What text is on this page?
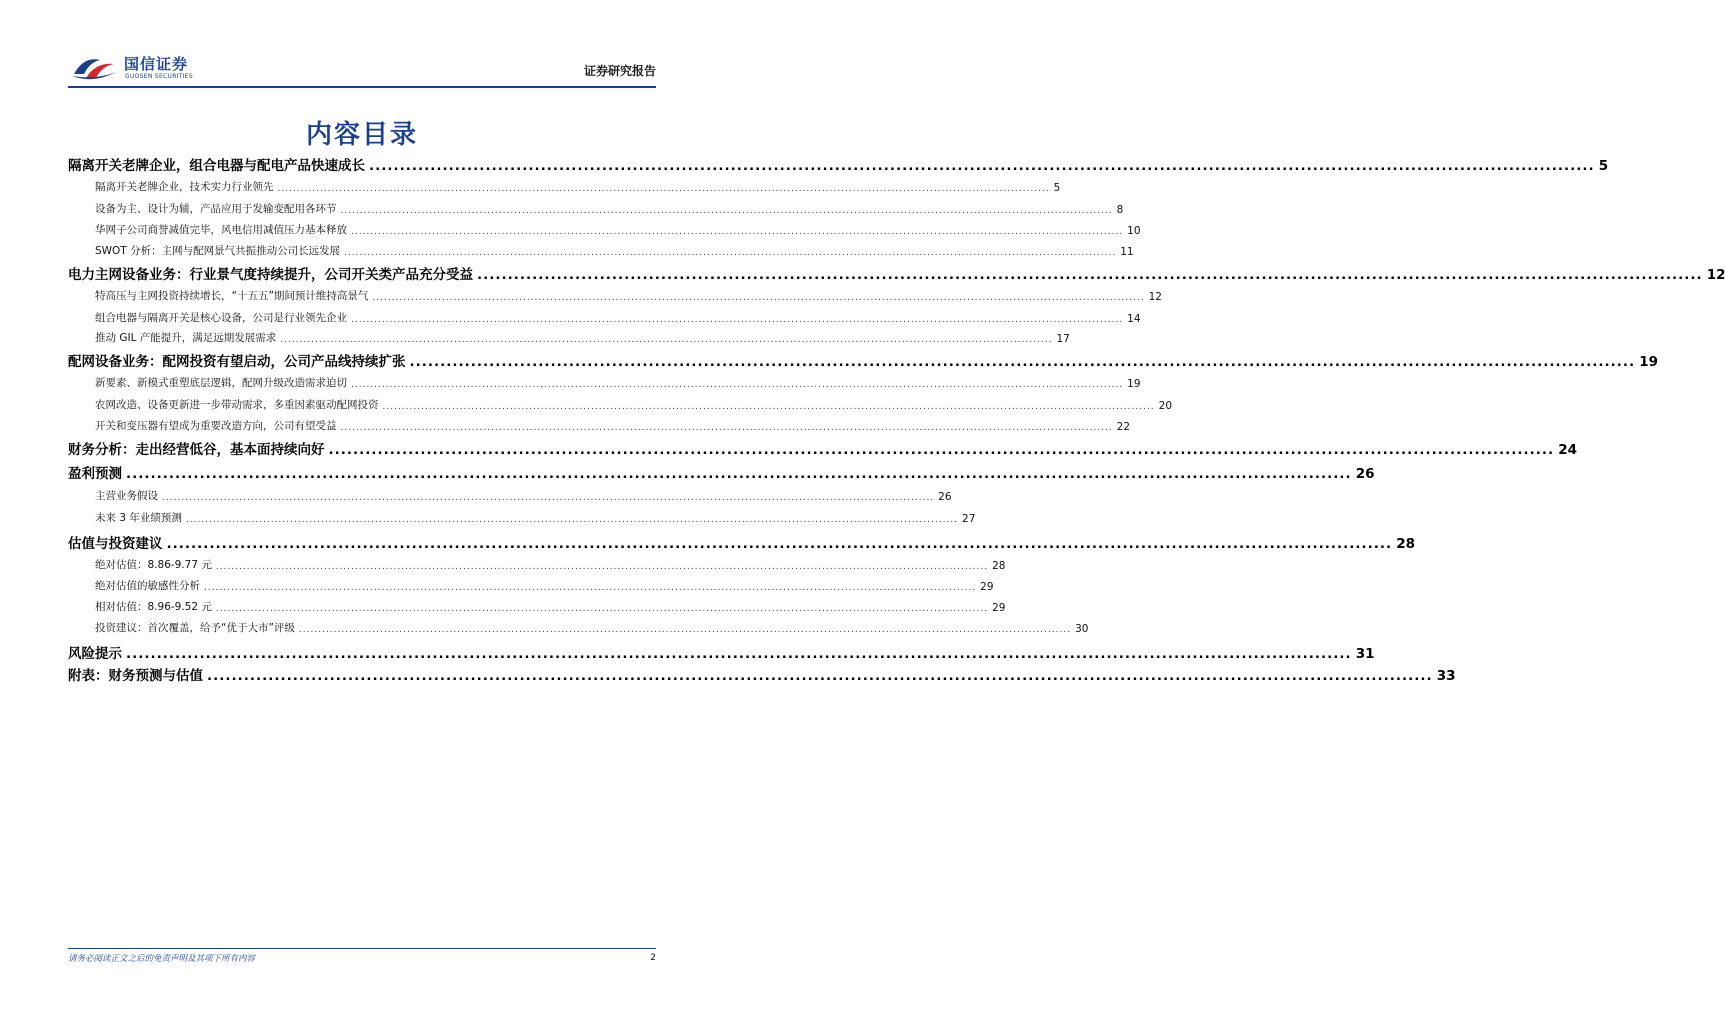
国信证券
GUOSEN SECURITIES	证券研究报告
内容目录
隔离开关老牌企业，组合电器与配电产品快速成长 ........................................................................................................................................................................................................ 5
隔离开关老牌企业，技术实力行业领先 ........................................................................................................................................................................................................ 5
设备为主、设计为辅，产品应用于发输变配用各环节 ........................................................................................................................................................................................................ 8
华网子公司商誉减值完毕，风电信用减值压力基本释放 ........................................................................................................................................................................................................ 10
SWOT 分析：主网与配网景气共振推动公司长远发展 ........................................................................................................................................................................................................ 11
电力主网设备业务：行业景气度持续提升，公司开关类产品充分受益 ........................................................................................................................................................................................................ 12
特高压与主网投资持续增长，“十五五”期间预计维持高景气 ........................................................................................................................................................................................................ 12
组合电器与隔离开关是核心设备，公司是行业领先企业 ........................................................................................................................................................................................................ 14
推动 GIL 产能提升，满足远期发展需求 ........................................................................................................................................................................................................ 17
配网设备业务：配网投资有望启动，公司产品线持续扩张 ........................................................................................................................................................................................................ 19
新要素、新模式重塑底层逻辑，配网升级改造需求迫切 ........................................................................................................................................................................................................ 19
农网改造、设备更新进一步带动需求，多重因素驱动配网投资 ........................................................................................................................................................................................................ 20
开关和变压器有望成为重要改造方向，公司有望受益 ........................................................................................................................................................................................................ 22
财务分析：走出经营低谷，基本面持续向好 ........................................................................................................................................................................................................ 24
盈利预测 ........................................................................................................................................................................................................ 26
主营业务假设 ........................................................................................................................................................................................................ 26
未来 3 年业绩预测 ........................................................................................................................................................................................................ 27
估值与投资建议 ........................................................................................................................................................................................................ 28
绝对估值：8.86-9.77 元 ........................................................................................................................................................................................................ 28
绝对估值的敏感性分析 ........................................................................................................................................................................................................ 29
相对估值：8.96-9.52 元 ........................................................................................................................................................................................................ 29
投资建议：首次覆盖，给予“优于大市”评级 ........................................................................................................................................................................................................ 30
风险提示 ........................................................................................................................................................................................................ 31
附表：财务预测与估值 ........................................................................................................................................................................................................ 33
请务必阅读正文之后的免责声明及其项下所有内容	2
